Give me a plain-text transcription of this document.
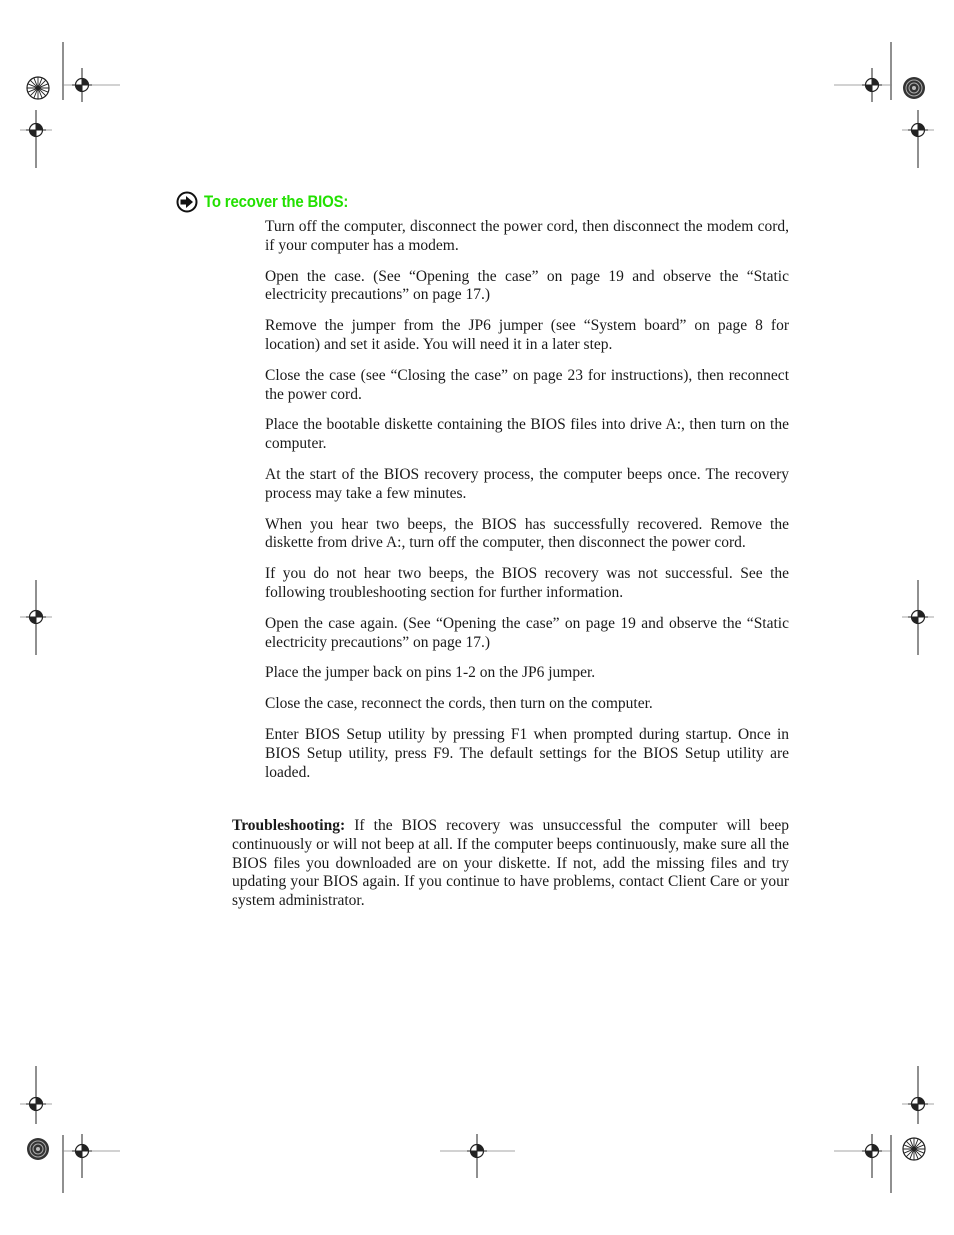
To recover the BIOS:

Turn off the computer, disconnect the power cord, then disconnect the modem cord, if your computer has a modem.

Open the case. (See “Opening the case” on page 19 and observe the “Static electricity precautions” on page 17.)

Remove the jumper from the JP6 jumper (see “System board” on page 8 for location) and set it aside. You will need it in a later step.

Close the case (see “Closing the case” on page 23 for instructions), then reconnect the power cord.

Place the bootable diskette containing the BIOS files into drive A:, then turn on the computer.

At the start of the BIOS recovery process, the computer beeps once. The recovery process may take a few minutes.

When you hear two beeps, the BIOS has successfully recovered. Remove the diskette from drive A:, turn off the computer, then disconnect the power cord.

If you do not hear two beeps, the BIOS recovery was not successful. See the following troubleshooting section for further information.

Open the case again. (See “Opening the case” on page 19 and observe the “Static electricity precautions” on page 17.)

Place the jumper back on pins 1-2 on the JP6 jumper.

Close the case, reconnect the cords, then turn on the computer.

Enter BIOS Setup utility by pressing F1 when prompted during startup. Once in BIOS Setup utility, press F9. The default settings for the BIOS Setup utility are loaded.

Troubleshooting: If the BIOS recovery was unsuccessful the computer will beep continuously or will not beep at all. If the computer beeps continuously, make sure all the BIOS files you downloaded are on your diskette. If not, add the missing files and try updating your BIOS again. If you continue to have problems, contact Client Care or your system administrator.
